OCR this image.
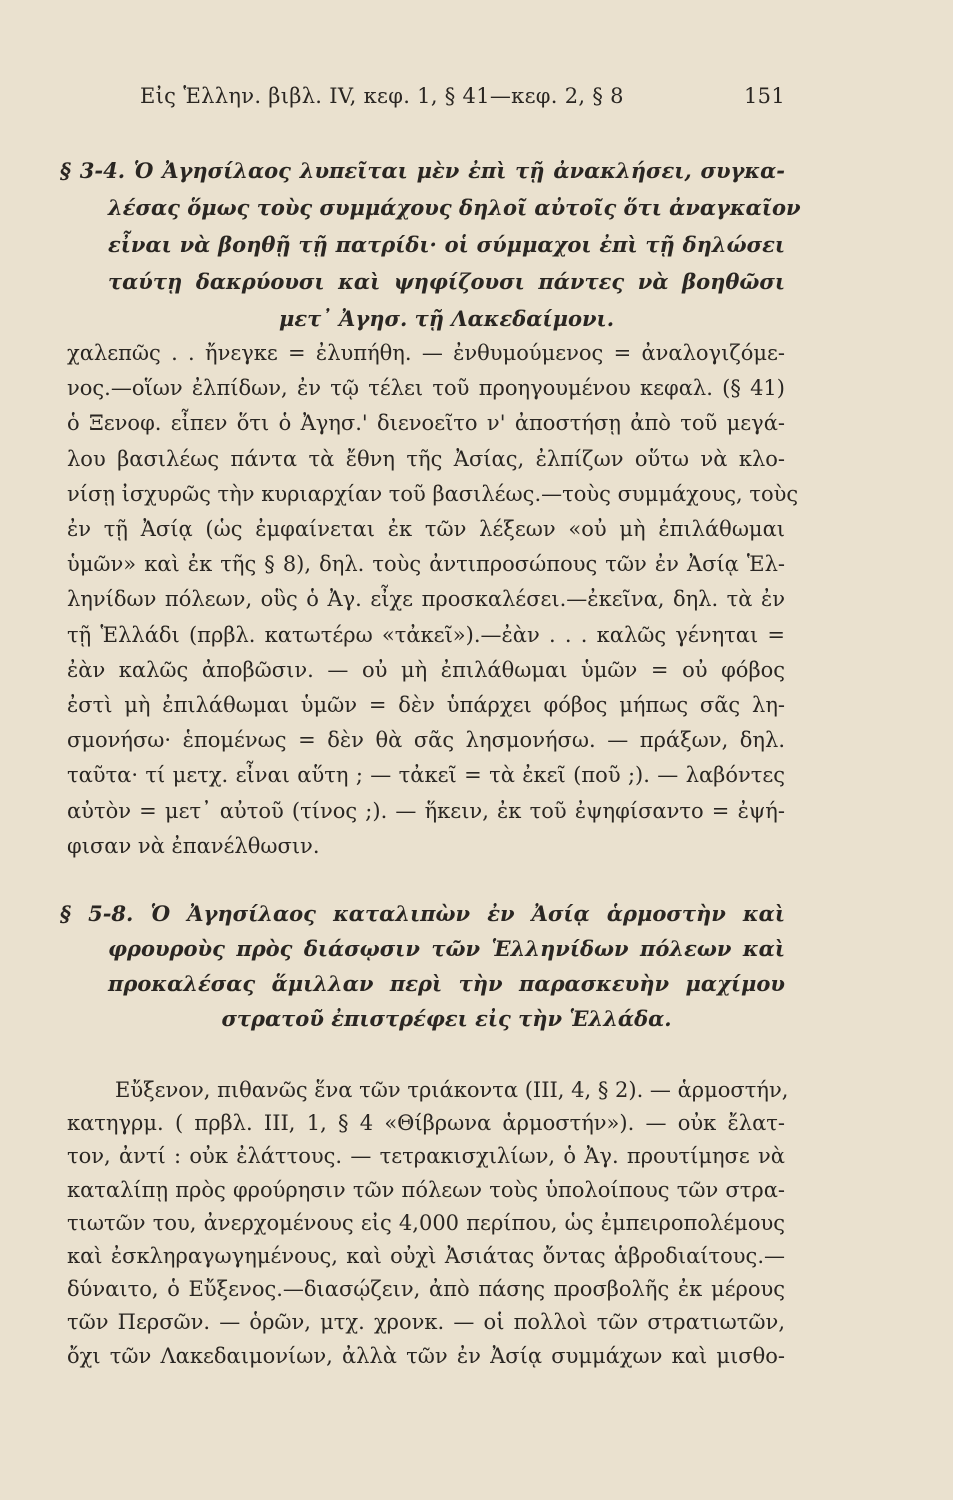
Εἰς Ἑλλην. βιβλ. IV, κεφ. 1, § 41—κεφ. 2, § 8	151
§ 3-4. Ὁ Ἀγησίλαος λυπεῖται μὲν ἐπὶ τῇ ἀνακλήσει, συγκα-
λέσας ὅμως τοὺς συμμάχους δηλοῖ αὐτοῖς ὅτι ἀναγκαῖον
εἶναι νὰ βοηθῇ τῇ πατρίδι· οἱ σύμμαχοι ἐπὶ τῇ δηλώσει
ταύτῃ δακρύουσι καὶ ψηφίζουσι πάντες νὰ βοηθῶσι
μετ᾽ Ἀγησ. τῇ Λακεδαίμονι.
χαλεπῶς . . ἤνεγκε = ἐλυπήθη. — ἐνθυμούμενος = ἀναλογιζόμε-
νος.—οἵων ἐλπίδων, ἐν τῷ τέλει τοῦ προηγουμένου κεφαλ. (§ 41)
ὁ Ξενοφ. εἶπεν ὅτι ὁ Ἀγησ.' διενοεῖτο ν' ἀποστήσῃ ἀπὸ τοῦ μεγά-
λου βασιλέως πάντα τὰ ἔθνη τῆς Ἀσίας, ἐλπίζων οὕτω νὰ κλο-
νίσῃ ἰσχυρῶς τὴν κυριαρχίαν τοῦ βασιλέως.—τοὺς συμμάχους, τοὺς
ἐν τῇ Ἀσίᾳ (ὡς ἐμφαίνεται ἐκ τῶν λέξεων «οὐ μὴ ἐπιλάθωμαι
ὑμῶν» καὶ ἐκ τῆς § 8), δηλ. τοὺς ἀντιπροσώπους τῶν ἐν Ἀσίᾳ Ἑλ-
ληνίδων πόλεων, οὓς ὁ Ἀγ. εἶχε προσκαλέσει.—ἐκεῖνα, δηλ. τὰ ἐν
τῇ Ἑλλάδι (πρβλ. κατωτέρω «τἀκεῖ»).—ἐὰν . . . καλῶς γένηται =
ἐὰν καλῶς ἀποβῶσιν. — οὐ μὴ ἐπιλάθωμαι ὑμῶν = οὐ φόβος
ἐστὶ μὴ ἐπιλάθωμαι ὑμῶν = δὲν ὑπάρχει φόβος μήπως σᾶς λη-
σμονήσω· ἑπομένως = δὲν θὰ σᾶς λησμονήσω. — πράξων, δηλ.
ταῦτα· τί μετχ. εἶναι αὕτη ; — τἀκεῖ = τὰ ἐκεῖ (ποῦ ;). — λαβόντες
αὐτὸν = μετ᾽ αὐτοῦ (τίνος ;). — ἥκειν, ἐκ τοῦ ἐψηφίσαντο = ἐψή-
φισαν νὰ ἐπανέλθωσιν.
§ 5-8. Ὁ Ἀγησίλαος καταλιπὼν ἐν Ἀσίᾳ ἁρμοστὴν καὶ
φρουροὺς πρὸς διάσῳσιν τῶν Ἑλληνίδων πόλεων καὶ
προκαλέσας ἅμιλλαν περὶ τὴν παρασκευὴν μαχίμου
στρατοῦ ἐπιστρέφει εἰς τὴν Ἑλλάδα.
Εὔξενον, πιθανῶς ἕνα τῶν τριάκοντα (III, 4, § 2). — ἁρμοστήν,
κατηγρμ. ( πρβλ. III, 1, § 4 «Θίβρωνα ἁρμοστήν»). — οὐκ ἔλατ-
τον, ἀντί : οὐκ ἐλάττους. — τετρακισχιλίων, ὁ Ἀγ. προυτίμησε νὰ
καταλίπῃ πρὸς φρούρησιν τῶν πόλεων τοὺς ὑπολοίπους τῶν στρα-
τιωτῶν του, ἀνερχομένους εἰς 4,000 περίπου, ὡς ἐμπειροπολέμους
καὶ ἐσκληραγωγημένους, καὶ οὐχὶ Ἀσιάτας ὄντας ἁβροδιαίτους.—
δύναιτο, ὁ Εὔξενος.—διασῴζειν, ἀπὸ πάσης προσβολῆς ἐκ μέρους
τῶν Περσῶν. — ὁρῶν, μτχ. χρονκ. — οἱ πολλοὶ τῶν στρατιωτῶν,
ὄχι τῶν Λακεδαιμονίων, ἀλλὰ τῶν ἐν Ἀσίᾳ συμμάχων καὶ μισθο-
